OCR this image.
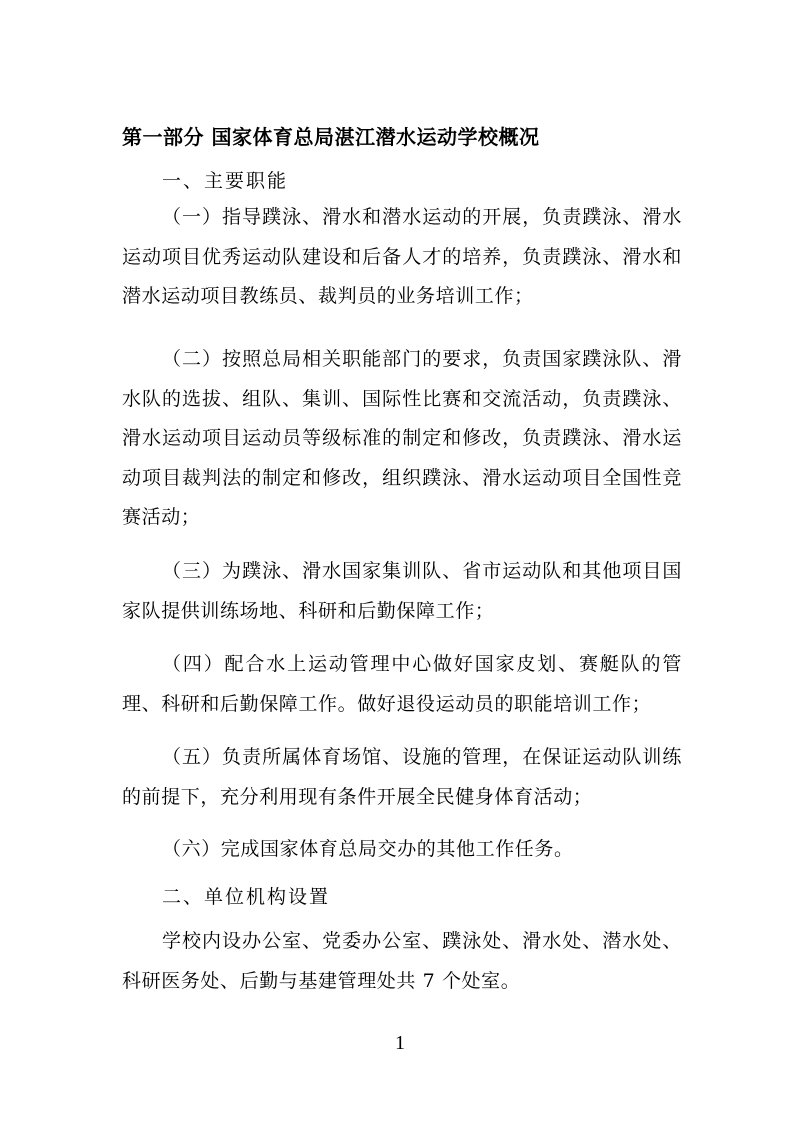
第一部分 国家体育总局湛江潜水运动学校概况
一、主要职能

（一）指导蹼泳、滑水和潜水运动的开展，负责蹼泳、滑水运动项目优秀运动队建设和后备人才的培养，负责蹼泳、滑水和潜水运动项目教练员、裁判员的业务培训工作；

（二）按照总局相关职能部门的要求，负责国家蹼泳队、滑水队的选拔、组队、集训、国际性比赛和交流活动，负责蹼泳、滑水运动项目运动员等级标准的制定和修改，负责蹼泳、滑水运动项目裁判法的制定和修改，组织蹼泳、滑水运动项目全国性竞赛活动；

（三）为蹼泳、滑水国家集训队、省市运动队和其他项目国家队提供训练场地、科研和后勤保障工作；

（四）配合水上运动管理中心做好国家皮划、赛艇队的管理、科研和后勤保障工作。做好退役运动员的职能培训工作；

（五）负责所属体育场馆、设施的管理，在保证运动队训练的前提下，充分利用现有条件开展全民健身体育活动；

（六）完成国家体育总局交办的其他工作任务。

二、单位机构设置

学校内设办公室、党委办公室、蹼泳处、滑水处、潜水处、科研医务处、后勤与基建管理处共 7 个处室。

1
